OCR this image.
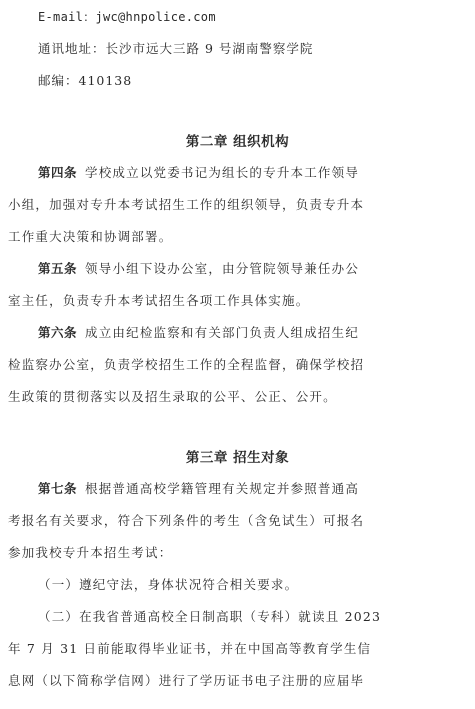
E-mail：jwc@hnpolice.com
通讯地址：长沙市远大三路 9 号湖南警察学院
邮编：410138
第二章 组织机构
第四条 学校成立以党委书记为组长的专升本工作领导
小组，加强对专升本考试招生工作的组织领导，负责专升本
工作重大决策和协调部署。
第五条 领导小组下设办公室，由分管院领导兼任办公
室主任，负责专升本考试招生各项工作具体实施。
第六条 成立由纪检监察和有关部门负责人组成招生纪
检监察办公室，负责学校招生工作的全程监督，确保学校招
生政策的贯彻落实以及招生录取的公平、公正、公开。
第三章 招生对象
第七条 根据普通高校学籍管理有关规定并参照普通高
考报名有关要求，符合下列条件的考生（含免试生）可报名
参加我校专升本招生考试：
（一）遵纪守法，身体状况符合相关要求。
（二）在我省普通高校全日制高职（专科）就读且 2023
年 7 月 31 日前能取得毕业证书，并在中国高等教育学生信
息网（以下简称学信网）进行了学历证书电子注册的应届毕
